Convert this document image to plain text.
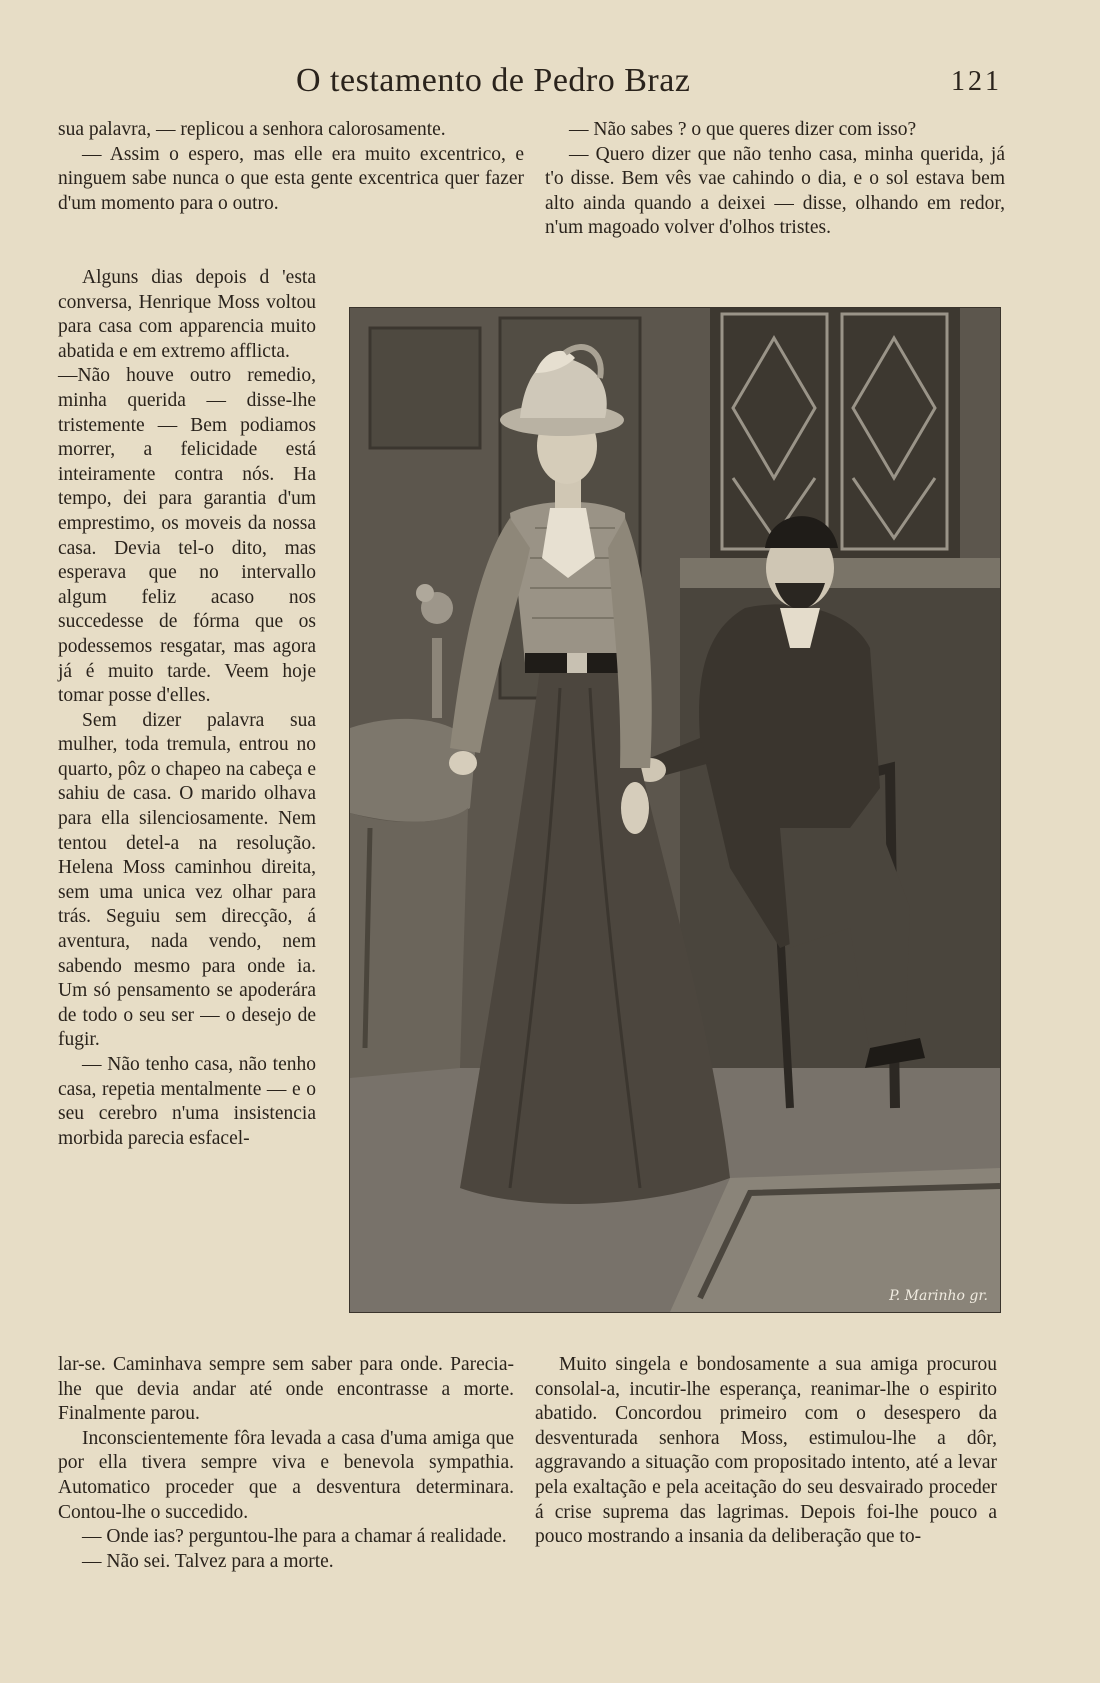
O testamento de Pedro Braz	121

sua palavra, — replicou a senhora calorosamente.

— Assim o espero, mas elle era muito excentrico, e ninguem sabe nunca o que esta gente excentrica quer fazer d'um momento para o outro.

— Não sabes ? o que queres dizer com isso?

— Quero dizer que não tenho casa, minha querida, já t'o disse. Bem vês vae cahindo o dia, e o sol estava bem alto ainda quando a deixei — disse, olhando em redor, n'um magoado volver d'olhos tristes.

Alguns dias depois d 'esta conversa, Henrique Moss voltou para casa com apparencia muito abatida e em extremo afflicta.

—Não houve outro remedio, minha querida — disse-lhe tristemente — Bem podiamos morrer, a felicidade está inteiramente contra nós. Ha tempo, dei para garantia d'um emprestimo, os moveis da nossa casa. Devia tel-o dito, mas esperava que no intervallo algum feliz acaso nos succedesse de fórma que os podessemos resgatar, mas agora já é muito tarde. Veem hoje tomar posse d'elles.

Sem dizer palavra sua mulher, toda tremula, entrou no quarto, pôz o chapeo na cabeça e sahiu de casa. O marido olhava para ella silenciosamente. Nem tentou detel-a na resolução. Helena Moss caminhou direita, sem uma unica vez olhar para trás. Seguiu sem direcção, á aventura, nada vendo, nem sabendo mesmo para onde ia. Um só pensamento se apoderára de todo o seu ser — o desejo de fugir.

— Não tenho casa, não tenho casa, repetia mentalmente — e o seu cerebro n'uma insistencia morbida parecia esfacel-

P. Marinho gr.

lar-se. Caminhava sempre sem saber para onde. Parecia-lhe que devia andar até onde encontrasse a morte. Finalmente parou.

Inconscientemente fôra levada a casa d'uma amiga que por ella tivera sempre viva e benevola sympathia. Automatico proceder que a desventura determinara. Contou-lhe o succedido.

— Onde ias? perguntou-lhe para a chamar á realidade.

— Não sei. Talvez para a morte.

Muito singela e bondosamente a sua amiga procurou consolal-a, incutir-lhe esperança, reanimar-lhe o espirito abatido. Concordou primeiro com o desespero da desventurada senhora Moss, estimulou-lhe a dôr, aggravando a situação com propositado intento, até a levar pela exaltação e pela aceitação do seu desvairado proceder á crise suprema das lagrimas. Depois foi-lhe pouco a pouco mostrando a insania da deliberação que to-
